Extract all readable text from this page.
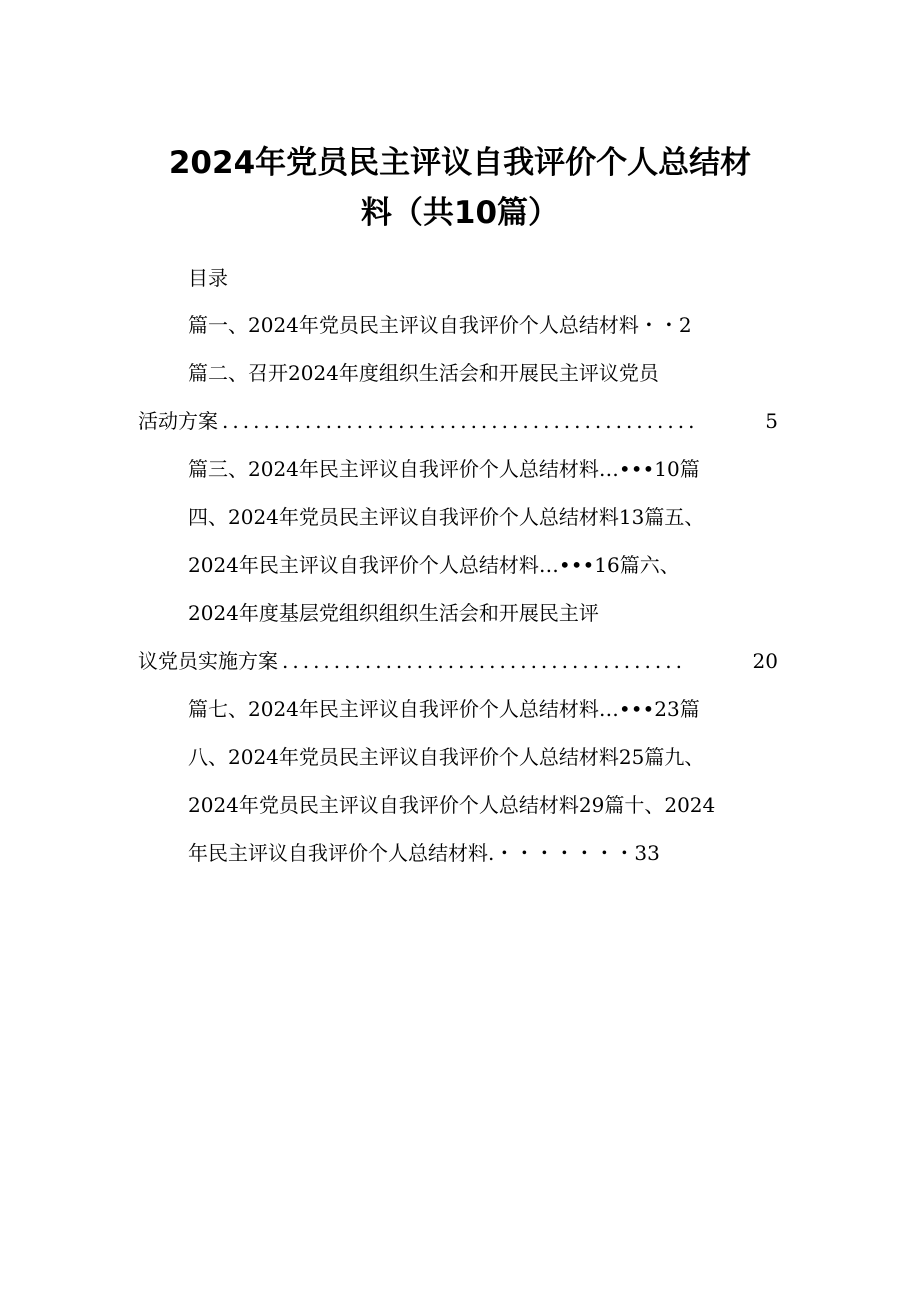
2024年党员民主评议自我评价个人总结材
料（共10篇）
目录
篇一、2024年党员民主评议自我评价个人总结材料・・2
篇二、召开2024年度组织生活会和开展民主评议党员
活动方案 ..............................................	5
篇三、2024年民主评议自我评价个人总结材料…•••10篇
四、2024年党员民主评议自我评价个人总结材料13篇五、
2024年民主评议自我评价个人总结材料…•••16篇六、
2024年度基层党组织组织生活会和开展民主评
议党员实施方案 .......................................	20
篇七、2024年民主评议自我评价个人总结材料…•••23篇
八、2024年党员民主评议自我评价个人总结材料25篇九、
2024年党员民主评议自我评价个人总结材料29篇十、2024
年民主评议自我评价个人总结材料.・・・・・・・33
